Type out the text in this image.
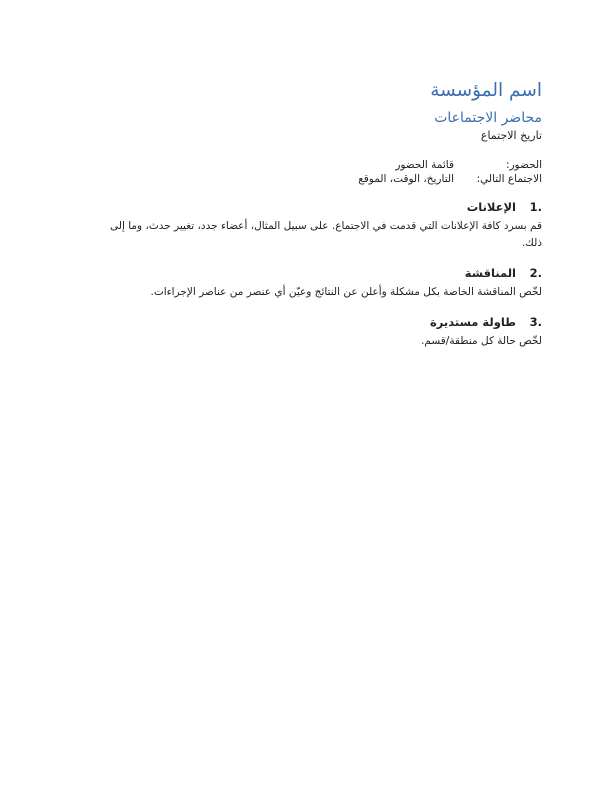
اسم المؤسسة
محاضر الاجتماعات
تاريخ الاجتماع
الحضور:
قائمة الحضور
الاجتماع التالي:
التاريخ، الوقت، الموقع
1.
الإعلانات
قم بسرد كافة الإعلانات التي قدمت في الاجتماع. على سبيل المثال، أعضاء جدد، تغيير حدث، وما إلى ذلك.
2.
المناقشة
لخّص المناقشة الخاصة بكل مشكلة وأعلن عن النتائج وعيّن أي عنصر من عناصر الإجراءات.
3.
طاولة مستديرة
لخّص حالة كل منطقة/قسم.
